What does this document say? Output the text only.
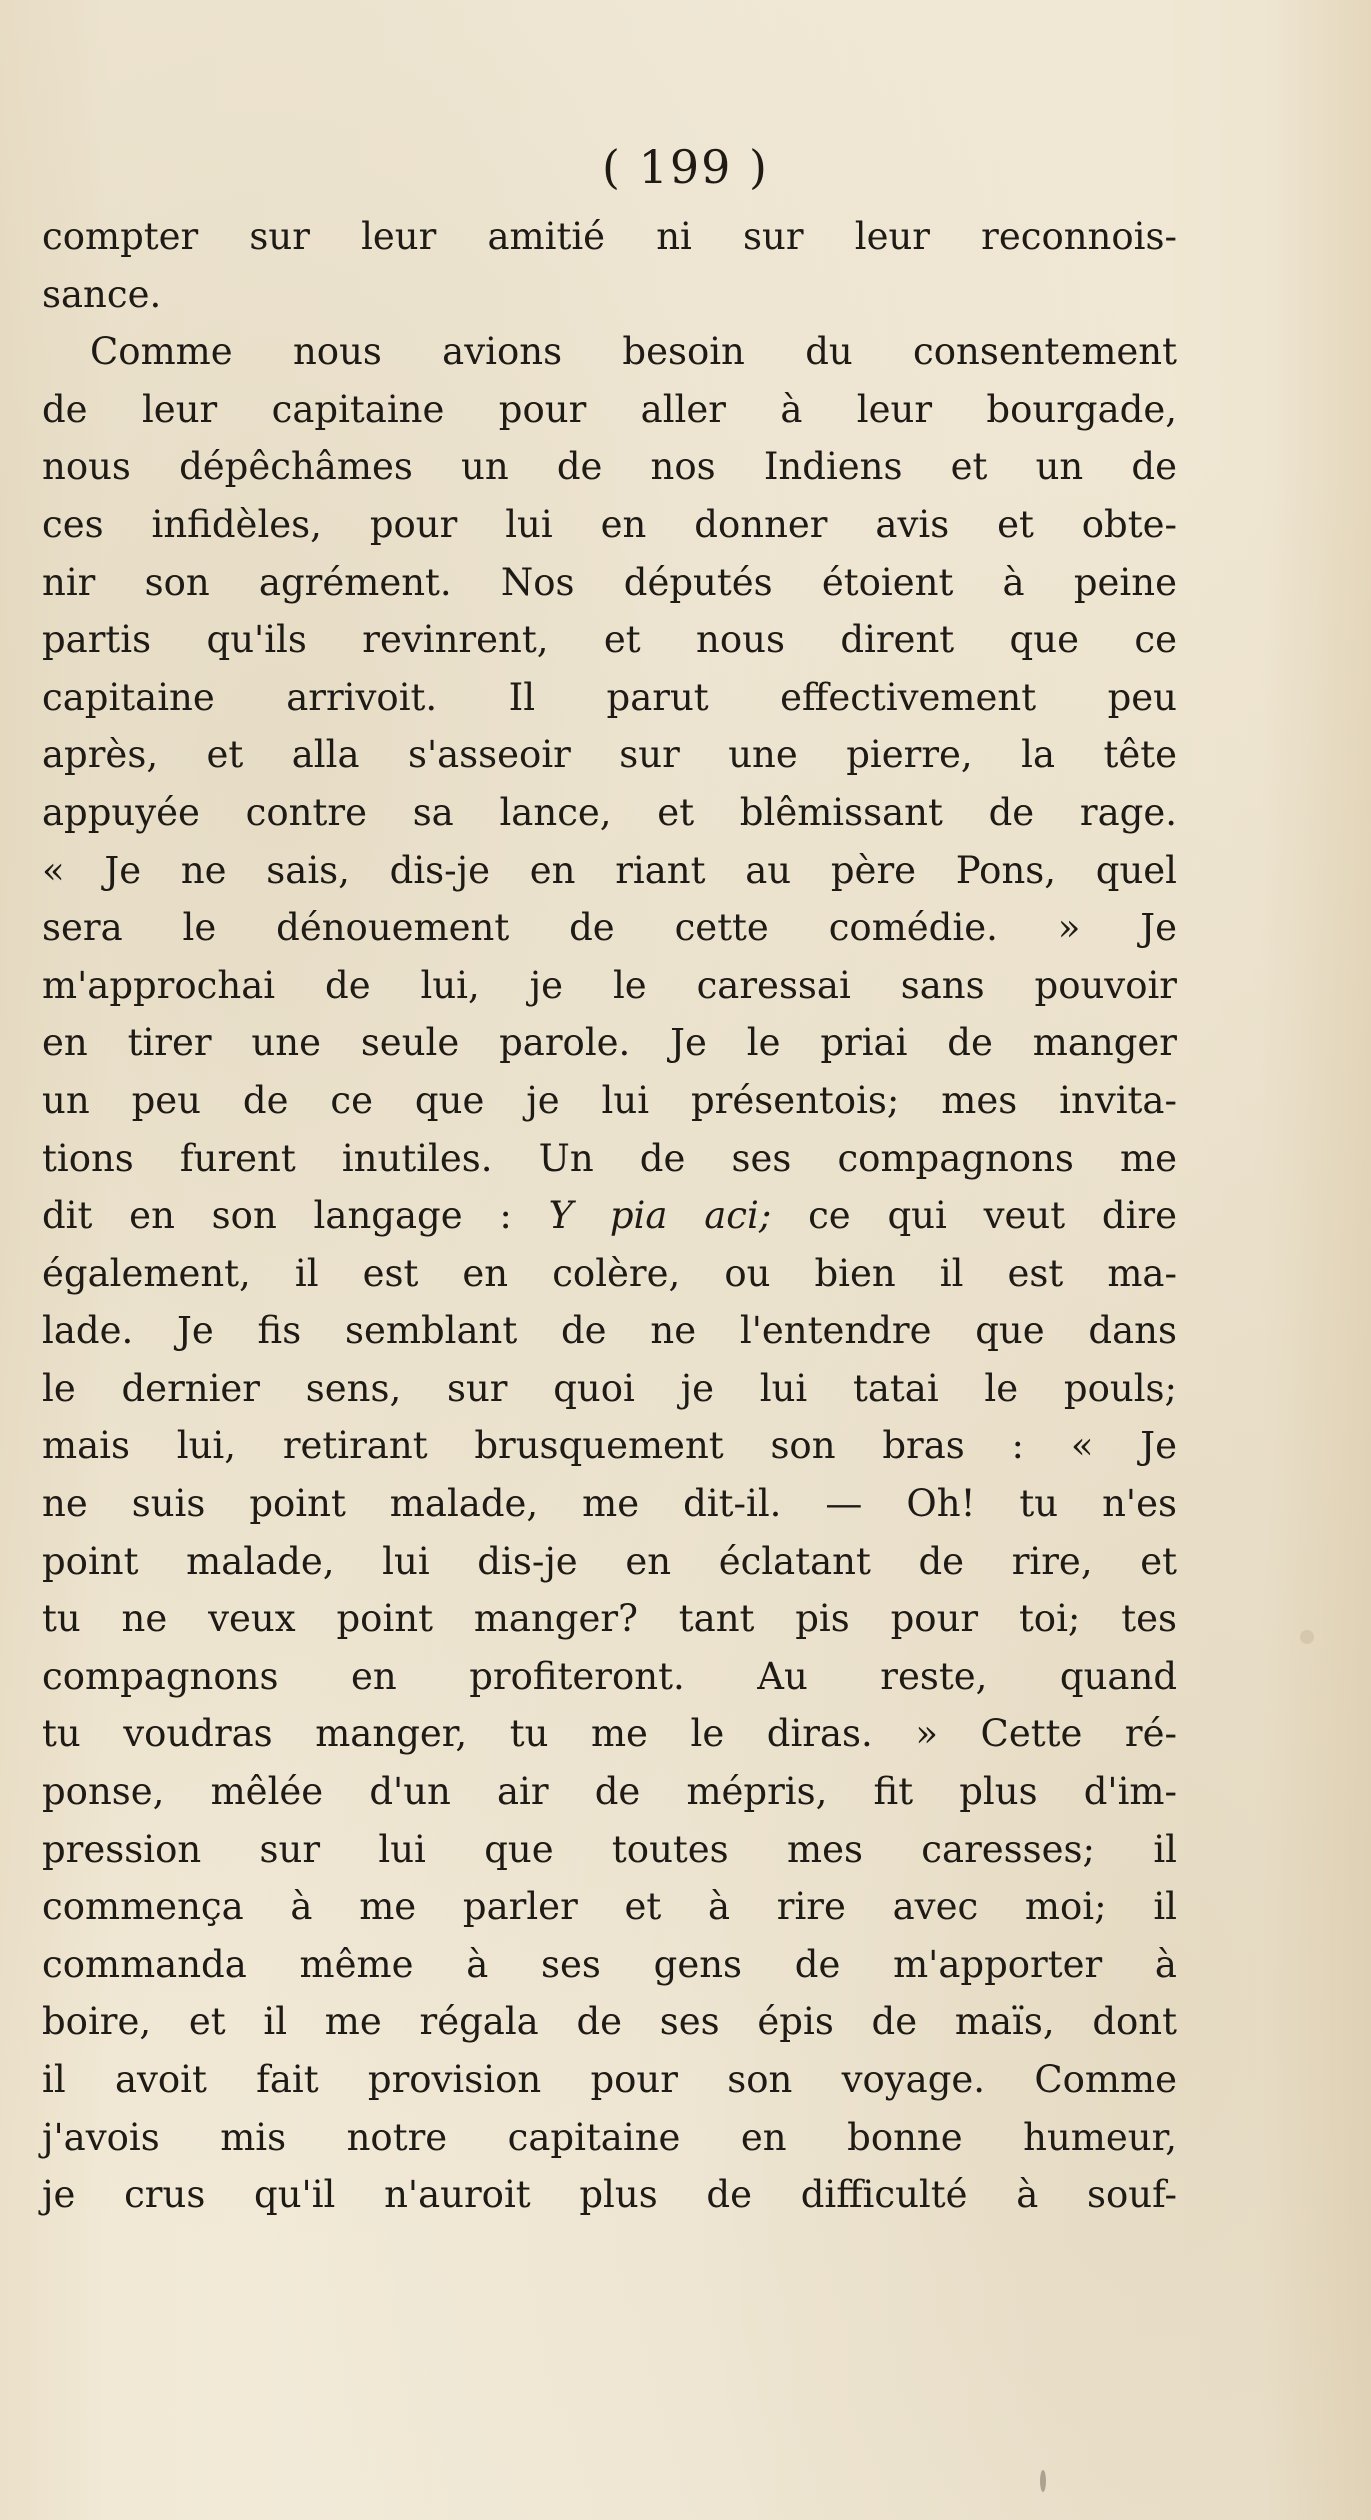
( 199 )
compter sur leur amitié ni sur leur reconnois-
sance.
Comme nous avions besoin du consentement
de leur capitaine pour aller à leur bourgade,
nous dépêchâmes un de nos Indiens et un de
ces infidèles, pour lui en donner avis et obte-
nir son agrément. Nos députés étoient à peine
partis qu'ils revinrent, et nous dirent que ce
capitaine arrivoit. Il parut effectivement peu
après, et alla s'asseoir sur une pierre, la tête
appuyée contre sa lance, et blêmissant de rage.
« Je ne sais, dis-je en riant au père Pons, quel
sera le dénouement de cette comédie. » Je
m'approchai de lui, je le caressai sans pouvoir
en tirer une seule parole. Je le priai de manger
un peu de ce que je lui présentois; mes invita-
tions furent inutiles. Un de ses compagnons me
dit en son langage : Y pia aci; ce qui veut dire
également, il est en colère, ou bien il est ma-
lade. Je fis semblant de ne l'entendre que dans
le dernier sens, sur quoi je lui tatai le pouls;
mais lui, retirant brusquement son bras : « Je
ne suis point malade, me dit-il. — Oh! tu n'es
point malade, lui dis-je en éclatant de rire, et
tu ne veux point manger? tant pis pour toi; tes
compagnons en profiteront. Au reste, quand
tu voudras manger, tu me le diras. » Cette ré-
ponse, mêlée d'un air de mépris, fit plus d'im-
pression sur lui que toutes mes caresses; il
commença à me parler et à rire avec moi; il
commanda même à ses gens de m'apporter à
boire, et il me régala de ses épis de maïs, dont
il avoit fait provision pour son voyage. Comme
j'avois mis notre capitaine en bonne humeur,
je crus qu'il n'auroit plus de difficulté à souf-
